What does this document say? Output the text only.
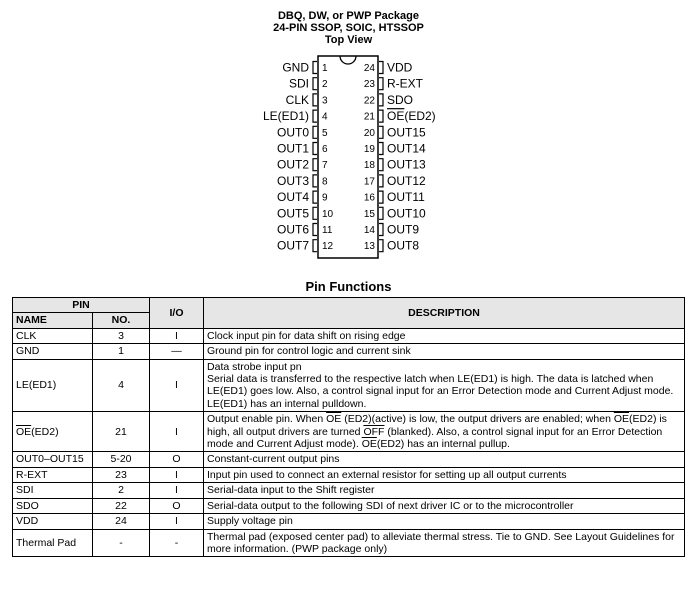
DBQ, DW, or PWP Package
24-PIN SSOP, SOIC, HTSSOP
Top View
GND 1
SDI 2
CLK 3
LE(ED1) 4
OUT0 5
OUT1 6
OUT2 7
OUT3 8
OUT4 9
OUT5 10
OUT6 11
OUT7 12
VDD
24
R-EXT
23
SDO
22
OE(ED2)
21
OUT15
20
OUT14
19
OUT13
18
OUT12
17
OUT11
16
OUT10
15
OUT9
14
OUT8
13
Pin Functions
PIN		I/O	DESCRIPTION
NAME	NO.		
CLK	3	I	Clock input pin for data shift on rising edge

GND	1	—	Ground pin for control logic and current sink

LE(ED1)	4	I	Data strobe input pn
Serial data is transferred to the respective latch when LE(ED1) is high. The data is latched when LE(ED1) goes low. Also, a control signal input for an Error Detection mode and Current Adjust mode. LE(ED1) has an internal pulldown.

$\overline{OE}(ED2)$	21	I	Output enable pin. When $\overline{OE}$ (ED2)(active) is low, the output drivers are enabled; when $\overline{OE}(ED2)$ is high, all output drivers are turned $\overline{OFF}$ (blanked). Also, a control signal input for an Error Detection mode and Current Adjust mode). $\overline{OE}(ED2)$ has an internal pullup.

OUT0–OUT15	5-20	O	Constant-current output pins

R-EXT	23	I	Input pin used to connect an external resistor for setting up all output currents

SDI	2	I	Serial-data input to the Shift register

SDO	22	O	Serial-data output to the following SDI of next driver IC or to the microcontroller

VDD	24	I	Supply voltage pin

Thermal Pad	-	-	Thermal pad (exposed center pad) to alleviate thermal stress. Tie to GND. See Layout Guidelines for more information. (PWP package only)
